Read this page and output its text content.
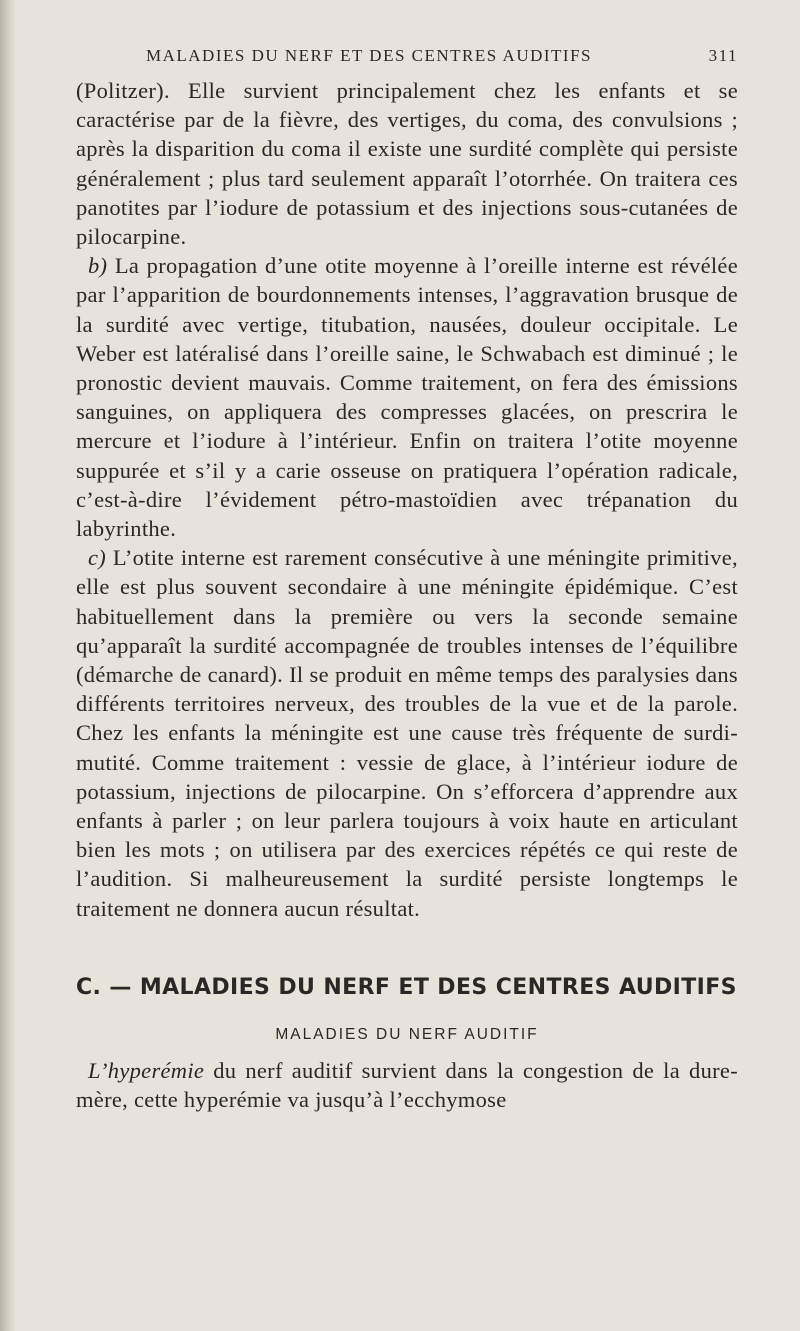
MALADIES DU NERF ET DES CENTRES AUDITIFS	311

(Politzer). Elle survient principalement chez les enfants et se caractérise par de la fièvre, des vertiges, du coma, des convulsions ; après la disparition du coma il existe une surdité complète qui persiste généralement ; plus tard seulement apparaît l’otorrhée. On traitera ces panotites par l’iodure de potassium et des injections sous-cutanées de pilocarpine.

b) La propagation d’une otite moyenne à l’oreille interne est révélée par l’apparition de bourdonnements intenses, l’aggravation brusque de la surdité avec vertige, titubation, nausées, douleur occipitale. Le Weber est latéralisé dans l’oreille saine, le Schwabach est diminué ; le pronostic devient mauvais. Comme traitement, on fera des émissions sanguines, on appliquera des compresses glacées, on prescrira le mercure et l’iodure à l’intérieur. Enfin on traitera l’otite moyenne suppurée et s’il y a carie osseuse on pratiquera l’opération radicale, c’est-à-dire l’évidement pétro-mastoïdien avec trépanation du labyrinthe.

c) L’otite interne est rarement consécutive à une méningite primitive, elle est plus souvent secondaire à une méningite épidémique. C’est habituellement dans la première ou vers la seconde semaine qu’apparaît la surdité accompagnée de troubles intenses de l’équilibre (démarche de canard). Il se produit en même temps des paralysies dans différents territoires nerveux, des troubles de la vue et de la parole. Chez les enfants la méningite est une cause très fréquente de surdi-mutité. Comme traitement : vessie de glace, à l’intérieur iodure de potassium, injections de pilocarpine. On s’efforcera d’apprendre aux enfants à parler ; on leur parlera toujours à voix haute en articulant bien les mots ; on utilisera par des exercices répétés ce qui reste de l’audition. Si malheureusement la surdité persiste longtemps le traitement ne donnera aucun résultat.

C. — MALADIES DU NERF ET DES CENTRES AUDITIFS
MALADIES DU NERF AUDITIF

L’hyperémie du nerf auditif survient dans la congestion de la dure-mère, cette hyperémie va jusqu’à l’ecchymose
